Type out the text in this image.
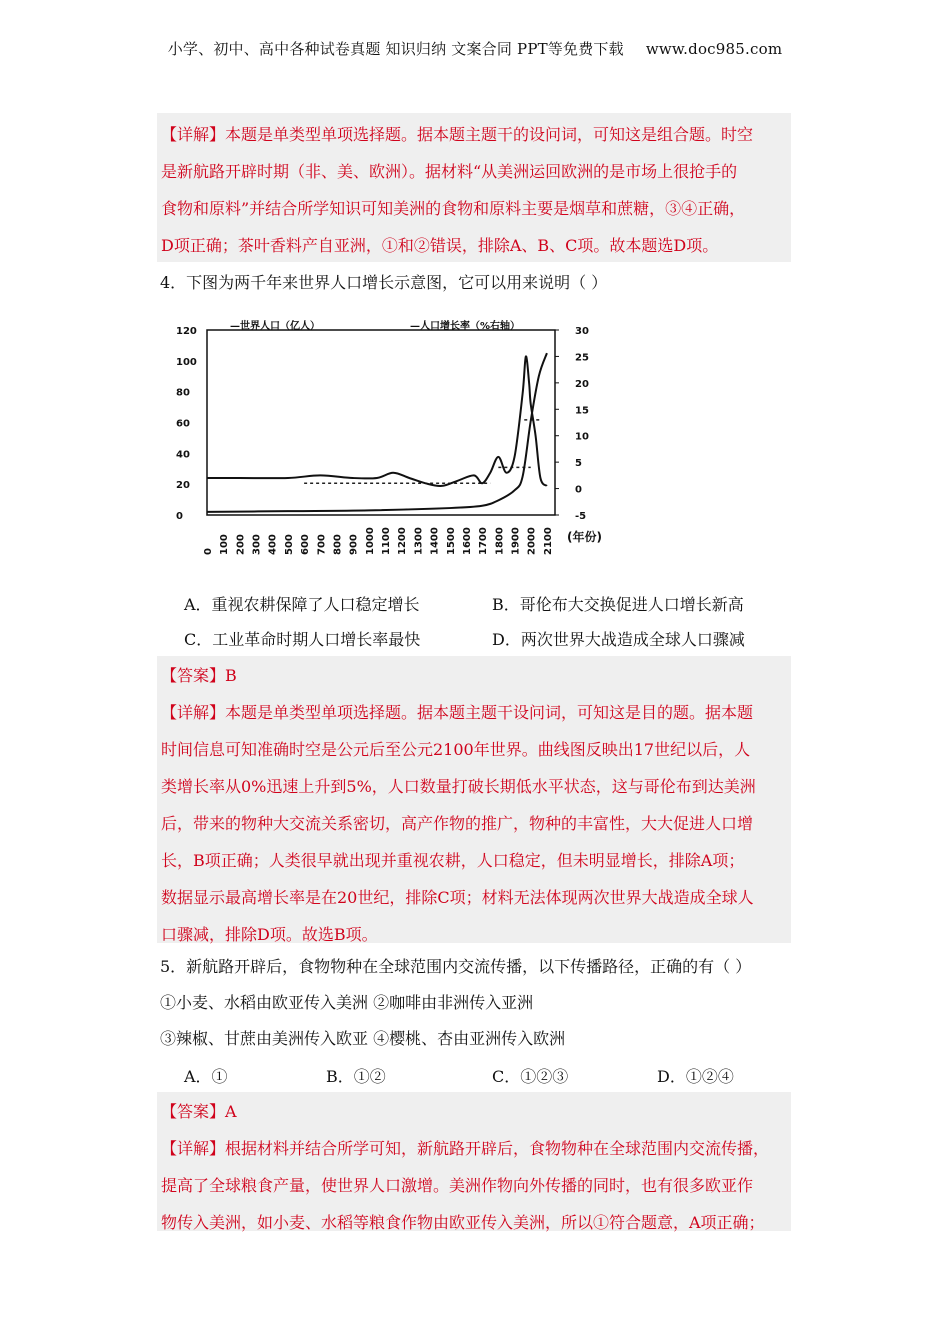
小学、初中、高中各种试卷真题 知识归纳 文案合同 PPT等免费下载 www.doc985.com

【详解】本题是单类型单项选择题。据本题主题干的设问词，可知这是组合题。时空

是新航路开辟时期（非、美、欧洲）。据材料“从美洲运回欧洲的是市场上很抢手的

食物和原料”并结合所学知识可知美洲的食物和原料主要是烟草和蔗糖，③④正确，

D项正确；茶叶香料产自亚洲，①和②错误，排除A、B、C项。故本题选D项。

4．下图为两千年来世界人口增长示意图，它可以用来说明（ ）

120
100
80
60
40
20
0
30
25
20
15
10
5
0
-5
0 100 200 300 400 500 600 700 800 900 1000 1100 1200 1300 1400 1500 1600 1700 1800 1900 2000 2100 (年份)
—世界人口（亿人）	—人口增长率（%右轴）
A．重视农耕保障了人口稳定增长	B．哥伦布大交换促进人口增长新高
C．工业革命时期人口增长率最快	D．两次世界大战造成全球人口骤减

【答案】B

【详解】本题是单类型单项选择题。据本题主题干设问词，可知这是目的题。据本题

时间信息可知准确时空是公元后至公元2100年世界。曲线图反映出17世纪以后，人

类增长率从0%迅速上升到5%，人口数量打破长期低水平状态，这与哥伦布到达美洲

后，带来的物种大交流关系密切，高产作物的推广，物种的丰富性，大大促进人口增

长，B项正确；人类很早就出现并重视农耕，人口稳定，但未明显增长，排除A项；

数据显示最高增长率是在20世纪，排除C项；材料无法体现两次世界大战造成全球人

口骤减，排除D项。故选B项。

5．新航路开辟后，食物物种在全球范围内交流传播，以下传播路径，正确的有（ ）

①小麦、水稻由欧亚传入美洲 ②咖啡由非洲传入亚洲

③辣椒、甘蔗由美洲传入欧亚 ④樱桃、杏由亚洲传入欧洲

A．①	B．①②	C．①②③	D．①②④

【答案】A

【详解】根据材料并结合所学可知，新航路开辟后，食物物种在全球范围内交流传播，

提高了全球粮食产量，使世界人口激增。美洲作物向外传播的同时，也有很多欧亚作

物传入美洲，如小麦、水稻等粮食作物由欧亚传入美洲，所以①符合题意，A项正确；
